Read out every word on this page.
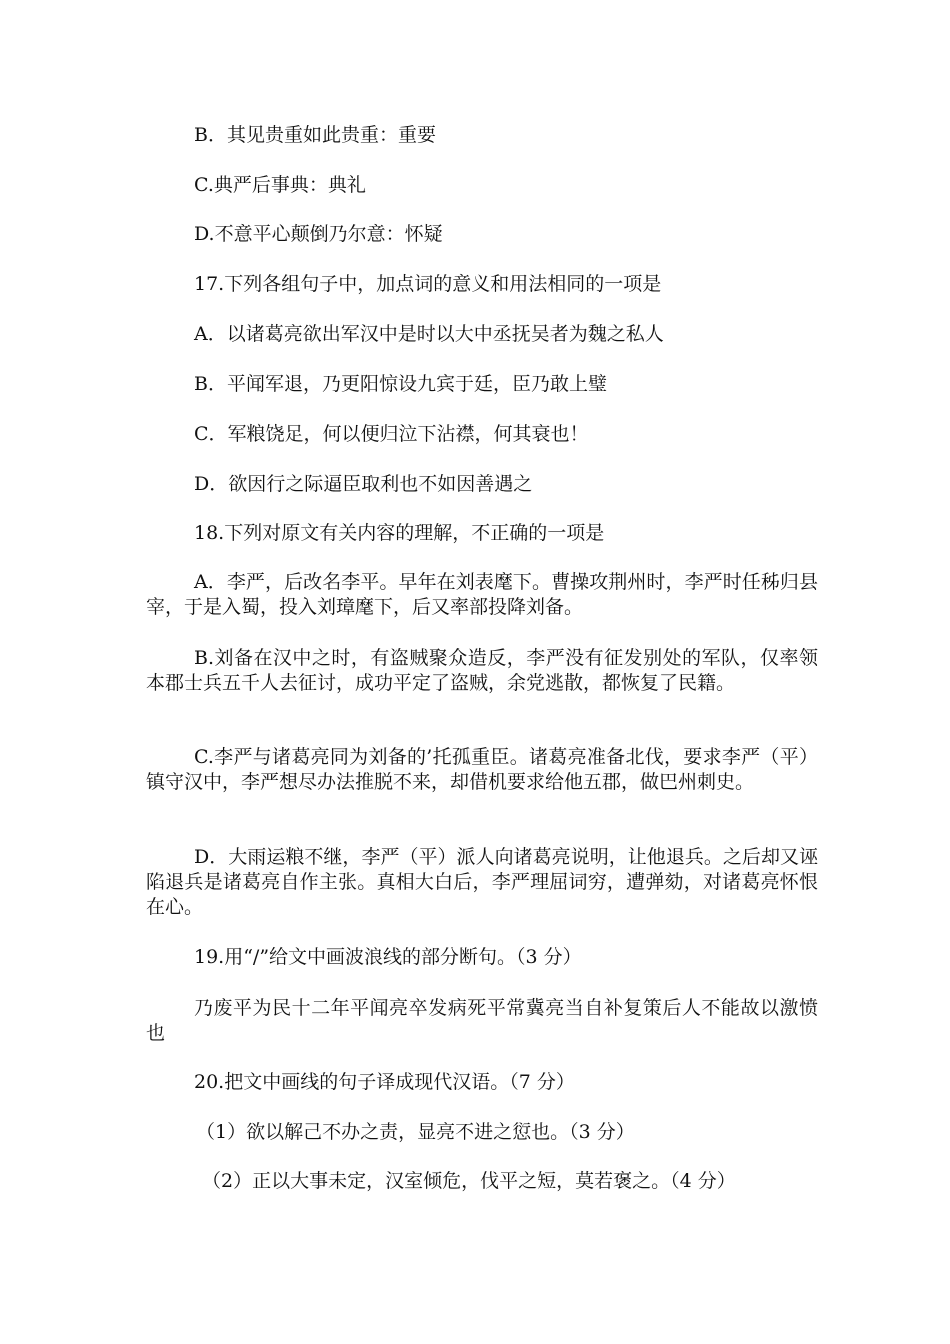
B．其见贵重如此贵重：重要
C.典严后事典：典礼
D.不意平心颠倒乃尔意：怀疑
17.下列各组句子中，加点词的意义和用法相同的一项是
A．以诸葛亮欲出军汉中是时以大中丞抚吴者为魏之私人
B．平闻军退，乃更阳惊设九宾于廷，臣乃敢上璧
C．军粮饶足，何以便归泣下沾襟，何其衰也！
D．欲因行之际逼臣取利也不如因善遇之
18.下列对原文有关内容的理解，不正确的一项是
A．李严，后改名李平。早年在刘表麾下。曹操攻荆州时，李严时任秭归县宰，于是入蜀，投入刘璋麾下，后又率部投降刘备。
B.刘备在汉中之时，有盗贼聚众造反，李严没有征发别处的军队，仅率领本郡士兵五千人去征讨，成功平定了盗贼，余党逃散，都恢复了民籍。
C.李严与诸葛亮同为刘备的’托孤重臣。诸葛亮准备北伐，要求李严（平）镇守汉中，李严想尽办法推脱不来，却借机要求给他五郡，做巴州刺史。
D．大雨运粮不继，李严（平）派人向诸葛亮说明，让他退兵。之后却又诬陷退兵是诸葛亮自作主张。真相大白后，李严理屈词穷，遭弹劾，对诸葛亮怀恨在心。
19.用“/”给文中画波浪线的部分断句。（3 分）
乃废平为民十二年平闻亮卒发病死平常冀亮当自补复策后人不能故以激愤也
20.把文中画线的句子译成现代汉语。（7 分）
（1）欲以解己不办之责，显亮不进之愆也。（3 分）
（2）正以大事未定，汉室倾危，伐平之短，莫若褒之。（4 分）
